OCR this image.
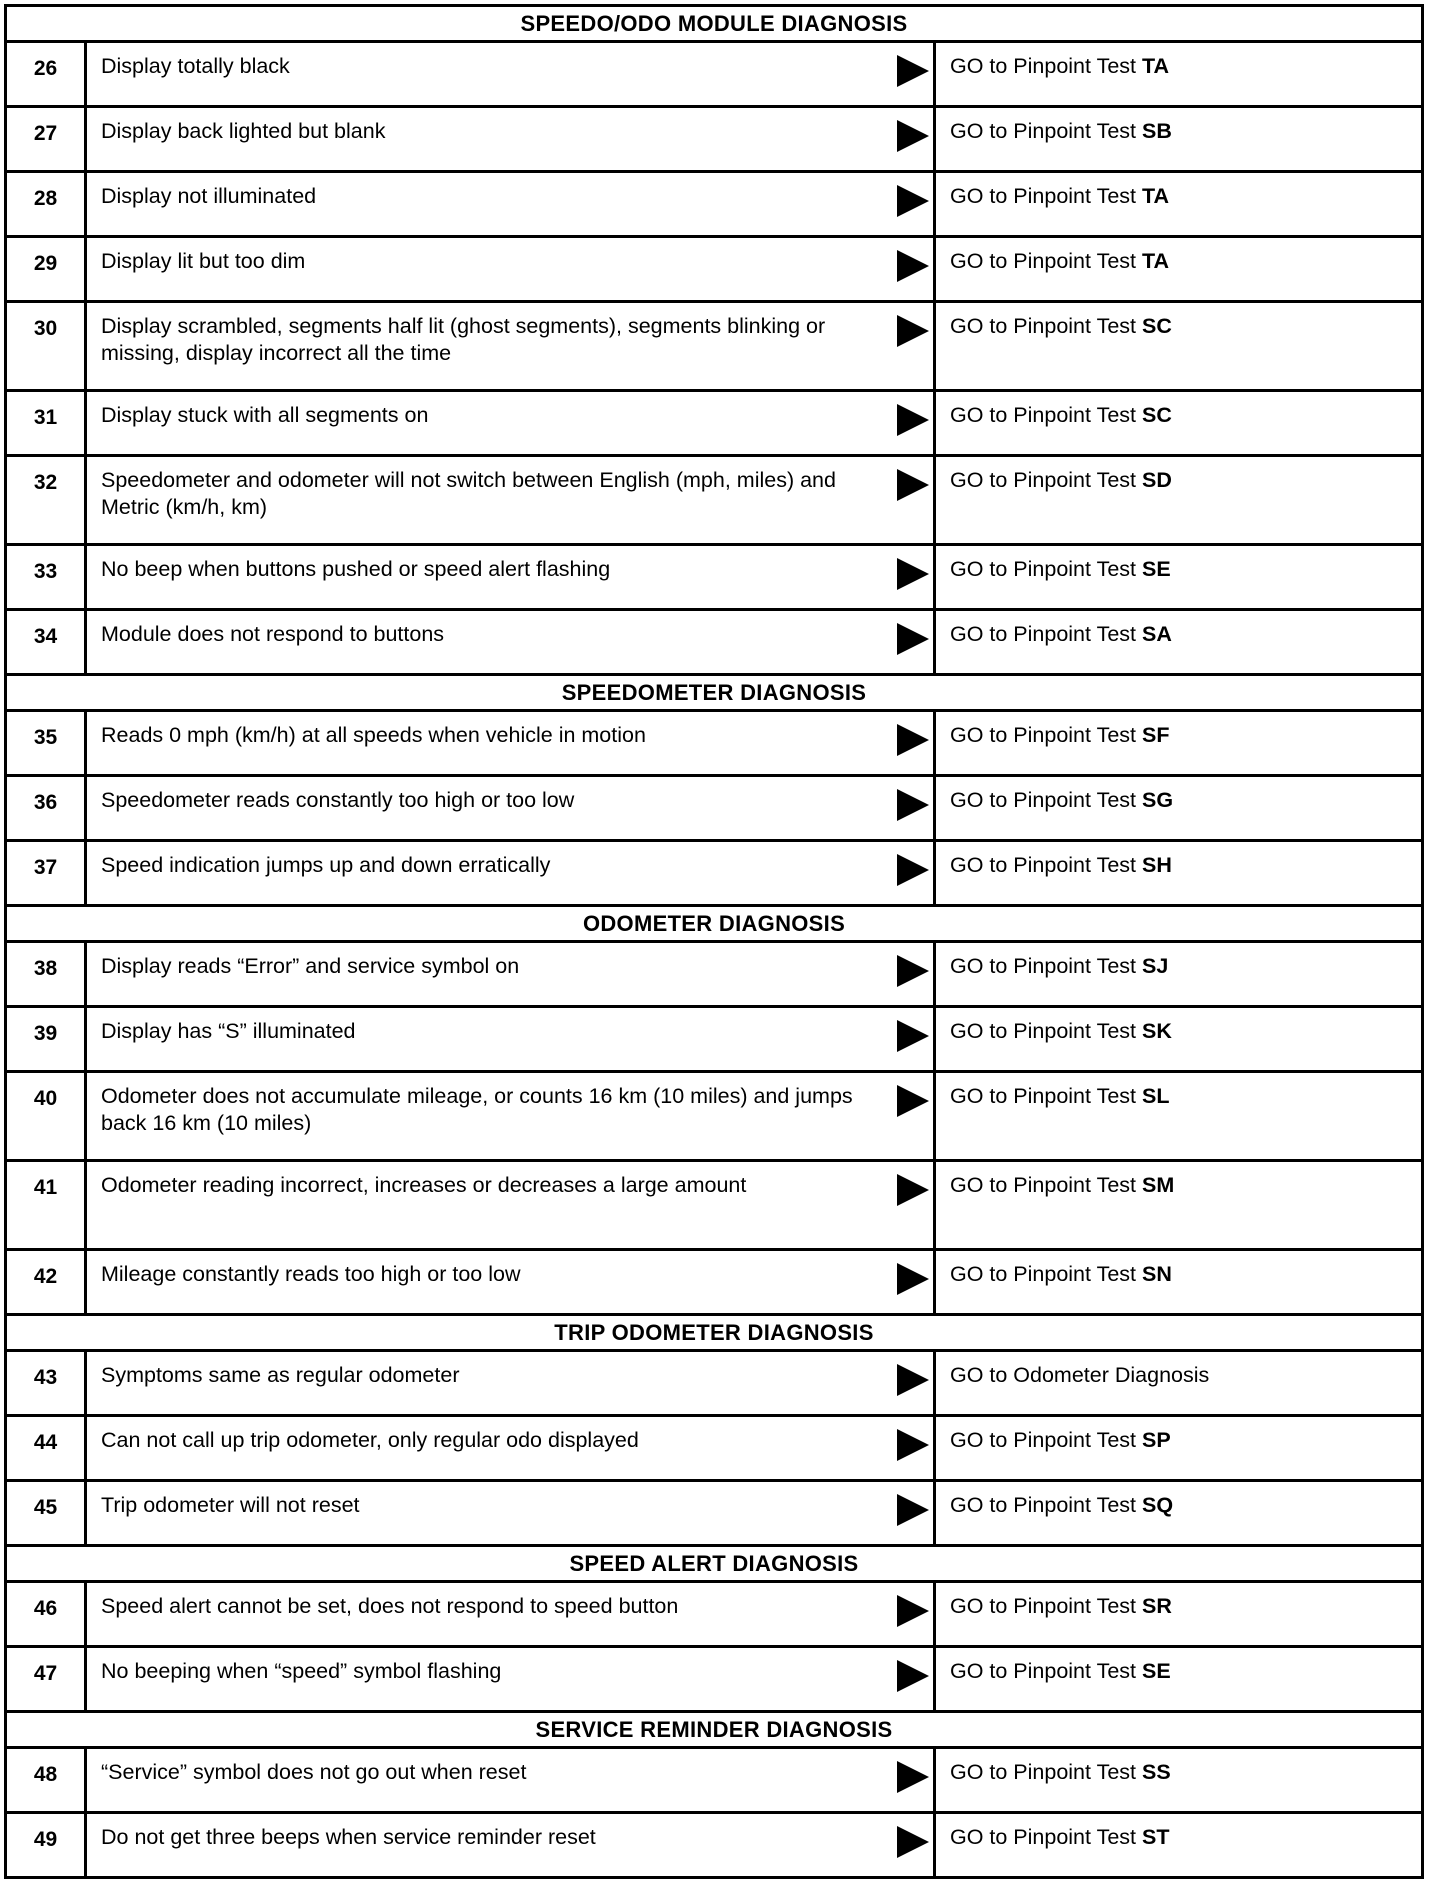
SPEEDO/ODO MODULE DIAGNOSIS		
26	Display totally black	GO to Pinpoint Test TA
27	Display back lighted but blank	GO to Pinpoint Test SB
28	Display not illuminated	GO to Pinpoint Test TA
29	Display lit but too dim	GO to Pinpoint Test TA
30	Display scrambled, segments half lit (ghost segments), segments blinking or missing, display incorrect all the time	GO to Pinpoint Test SC
31	Display stuck with all segments on	GO to Pinpoint Test SC
32	Speedometer and odometer will not switch between English (mph, miles) and Metric (km/h, km)	GO to Pinpoint Test SD
33	No beep when buttons pushed or speed alert flashing	GO to Pinpoint Test SE
34	Module does not respond to buttons	GO to Pinpoint Test SA
SPEEDOMETER DIAGNOSIS		
35	Reads 0 mph (km/h) at all speeds when vehicle in motion	GO to Pinpoint Test SF
36	Speedometer reads constantly too high or too low	GO to Pinpoint Test SG
37	Speed indication jumps up and down erratically	GO to Pinpoint Test SH
ODOMETER DIAGNOSIS		
38	Display reads “Error” and service symbol on	GO to Pinpoint Test SJ
39	Display has “S” illuminated	GO to Pinpoint Test SK
40	Odometer does not accumulate mileage, or counts 16 km (10 miles) and jumps back 16 km (10 miles)	GO to Pinpoint Test SL
41	Odometer reading incorrect, increases or decreases a large amount	GO to Pinpoint Test SM
42	Mileage constantly reads too high or too low	GO to Pinpoint Test SN
TRIP ODOMETER DIAGNOSIS		
43	Symptoms same as regular odometer	GO to Odometer Diagnosis
44	Can not call up trip odometer, only regular odo displayed	GO to Pinpoint Test SP
45	Trip odometer will not reset	GO to Pinpoint Test SQ
SPEED ALERT DIAGNOSIS		
46	Speed alert cannot be set, does not respond to speed button	GO to Pinpoint Test SR
47	No beeping when “speed” symbol flashing	GO to Pinpoint Test SE
SERVICE REMINDER DIAGNOSIS		
48	“Service” symbol does not go out when reset	GO to Pinpoint Test SS
49	Do not get three beeps when service reminder reset	GO to Pinpoint Test ST
